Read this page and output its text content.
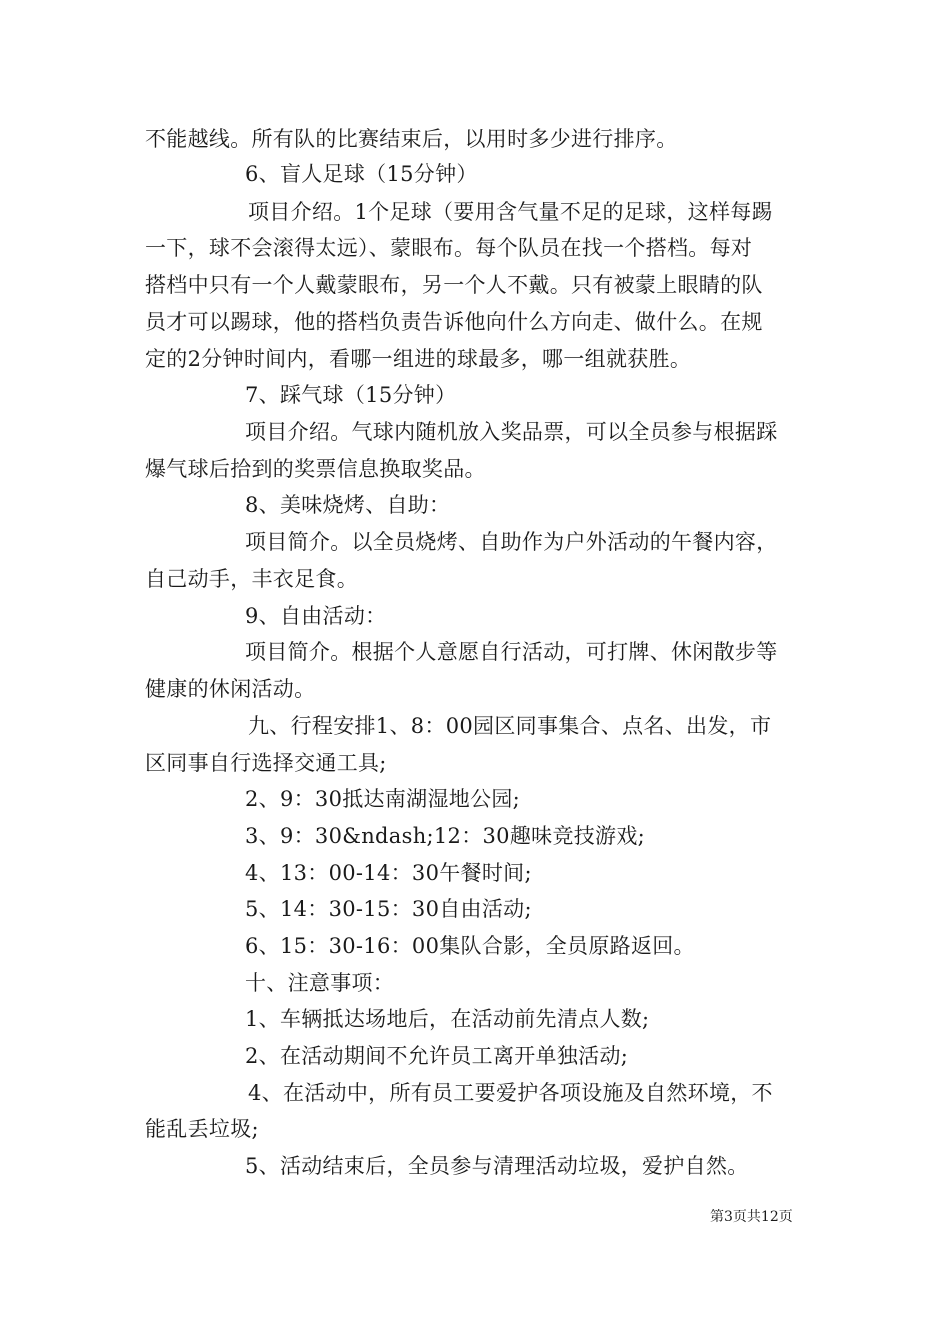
不能越线。所有队的比赛结束后，以用时多少进行排序。
6、盲人足球（15分钟）
项目介绍。1个足球（要用含气量不足的足球，这样每踢
一下，球不会滚得太远）、蒙眼布。每个队员在找一个搭档。每对
搭档中只有一个人戴蒙眼布，另一个人不戴。只有被蒙上眼睛的队
员才可以踢球，他的搭档负责告诉他向什么方向走、做什么。在规
定的2分钟时间内，看哪一组进的球最多，哪一组就获胜。
7、踩气球（15分钟）
项目介绍。气球内随机放入奖品票，可以全员参与根据踩
爆气球后拾到的奖票信息换取奖品。
8、美味烧烤、自助：
项目简介。以全员烧烤、自助作为户外活动的午餐内容，
自己动手，丰衣足食。
9、自由活动：
项目简介。根据个人意愿自行活动，可打牌、休闲散步等
健康的休闲活动。
九、行程安排1、8：00园区同事集合、点名、出发，市
区同事自行选择交通工具;
2、9：30抵达南湖湿地公园;
3、9：30&ndash;12：30趣味竞技游戏;
4、13：00-14：30午餐时间;
5、14：30-15：30自由活动;
6、15：30-16：00集队合影，全员原路返回。
十、注意事项：
1、车辆抵达场地后，在活动前先清点人数;
2、在活动期间不允许员工离开单独活动;
4、在活动中，所有员工要爱护各项设施及自然环境，不
能乱丢垃圾;
5、活动结束后，全员参与清理活动垃圾，爱护自然。
第3页共12页
